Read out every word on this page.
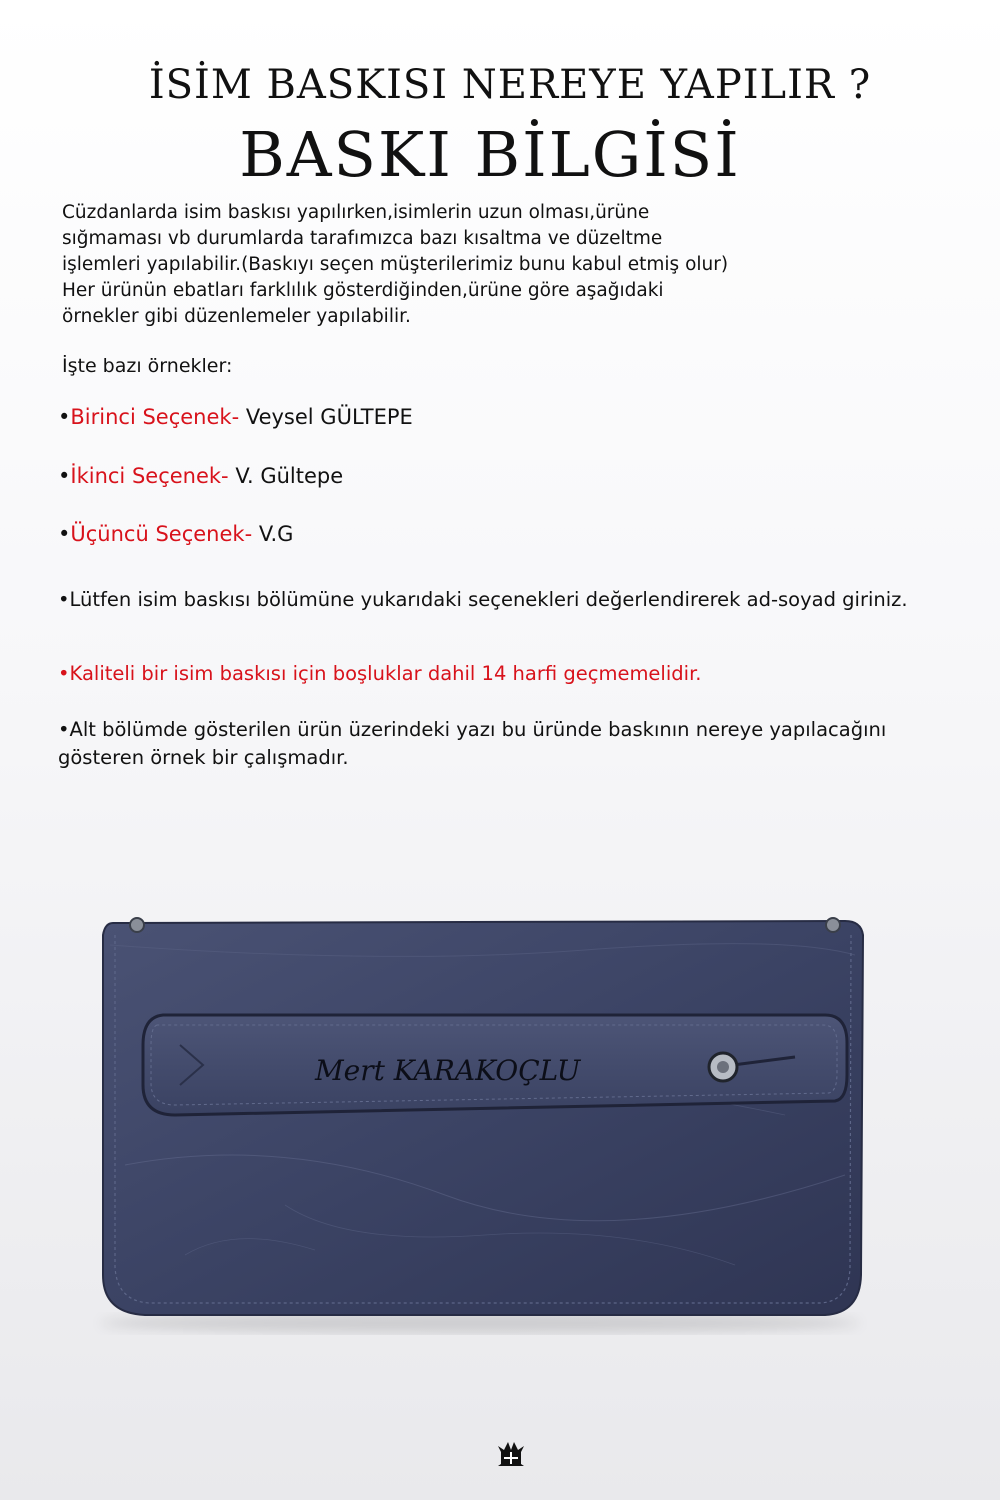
İSİM BASKISI NEREYE YAPILIR ?
BASKI BİLGİSİ
Cüzdanlarda isim baskısı yapılırken,isimlerin uzun olması,ürüne
sığmaması vb durumlarda tarafımızca bazı kısaltma ve düzeltme
işlemleri yapılabilir.(Baskıyı seçen müşterilerimiz bunu kabul etmiş olur)
Her ürünün ebatları farklılık gösterdiğinden,ürüne göre aşağıdaki
örnekler gibi düzenlemeler yapılabilir.
İşte bazı örnekler:
•Birinci Seçenek- Veysel GÜLTEPE
•İkinci Seçenek- V. Gültepe
•Üçüncü Seçenek- V.G
•Lütfen isim baskısı bölümüne yukarıdaki seçenekleri değerlendirerek ad-soyad giriniz.
•Kaliteli bir isim baskısı için boşluklar dahil 14 harfi geçmemelidir.
•Alt bölümde gösterilen ürün üzerindeki yazı bu üründe baskının nereye yapılacağını gösteren örnek bir çalışmadır.
Mert KARAKOÇLU
